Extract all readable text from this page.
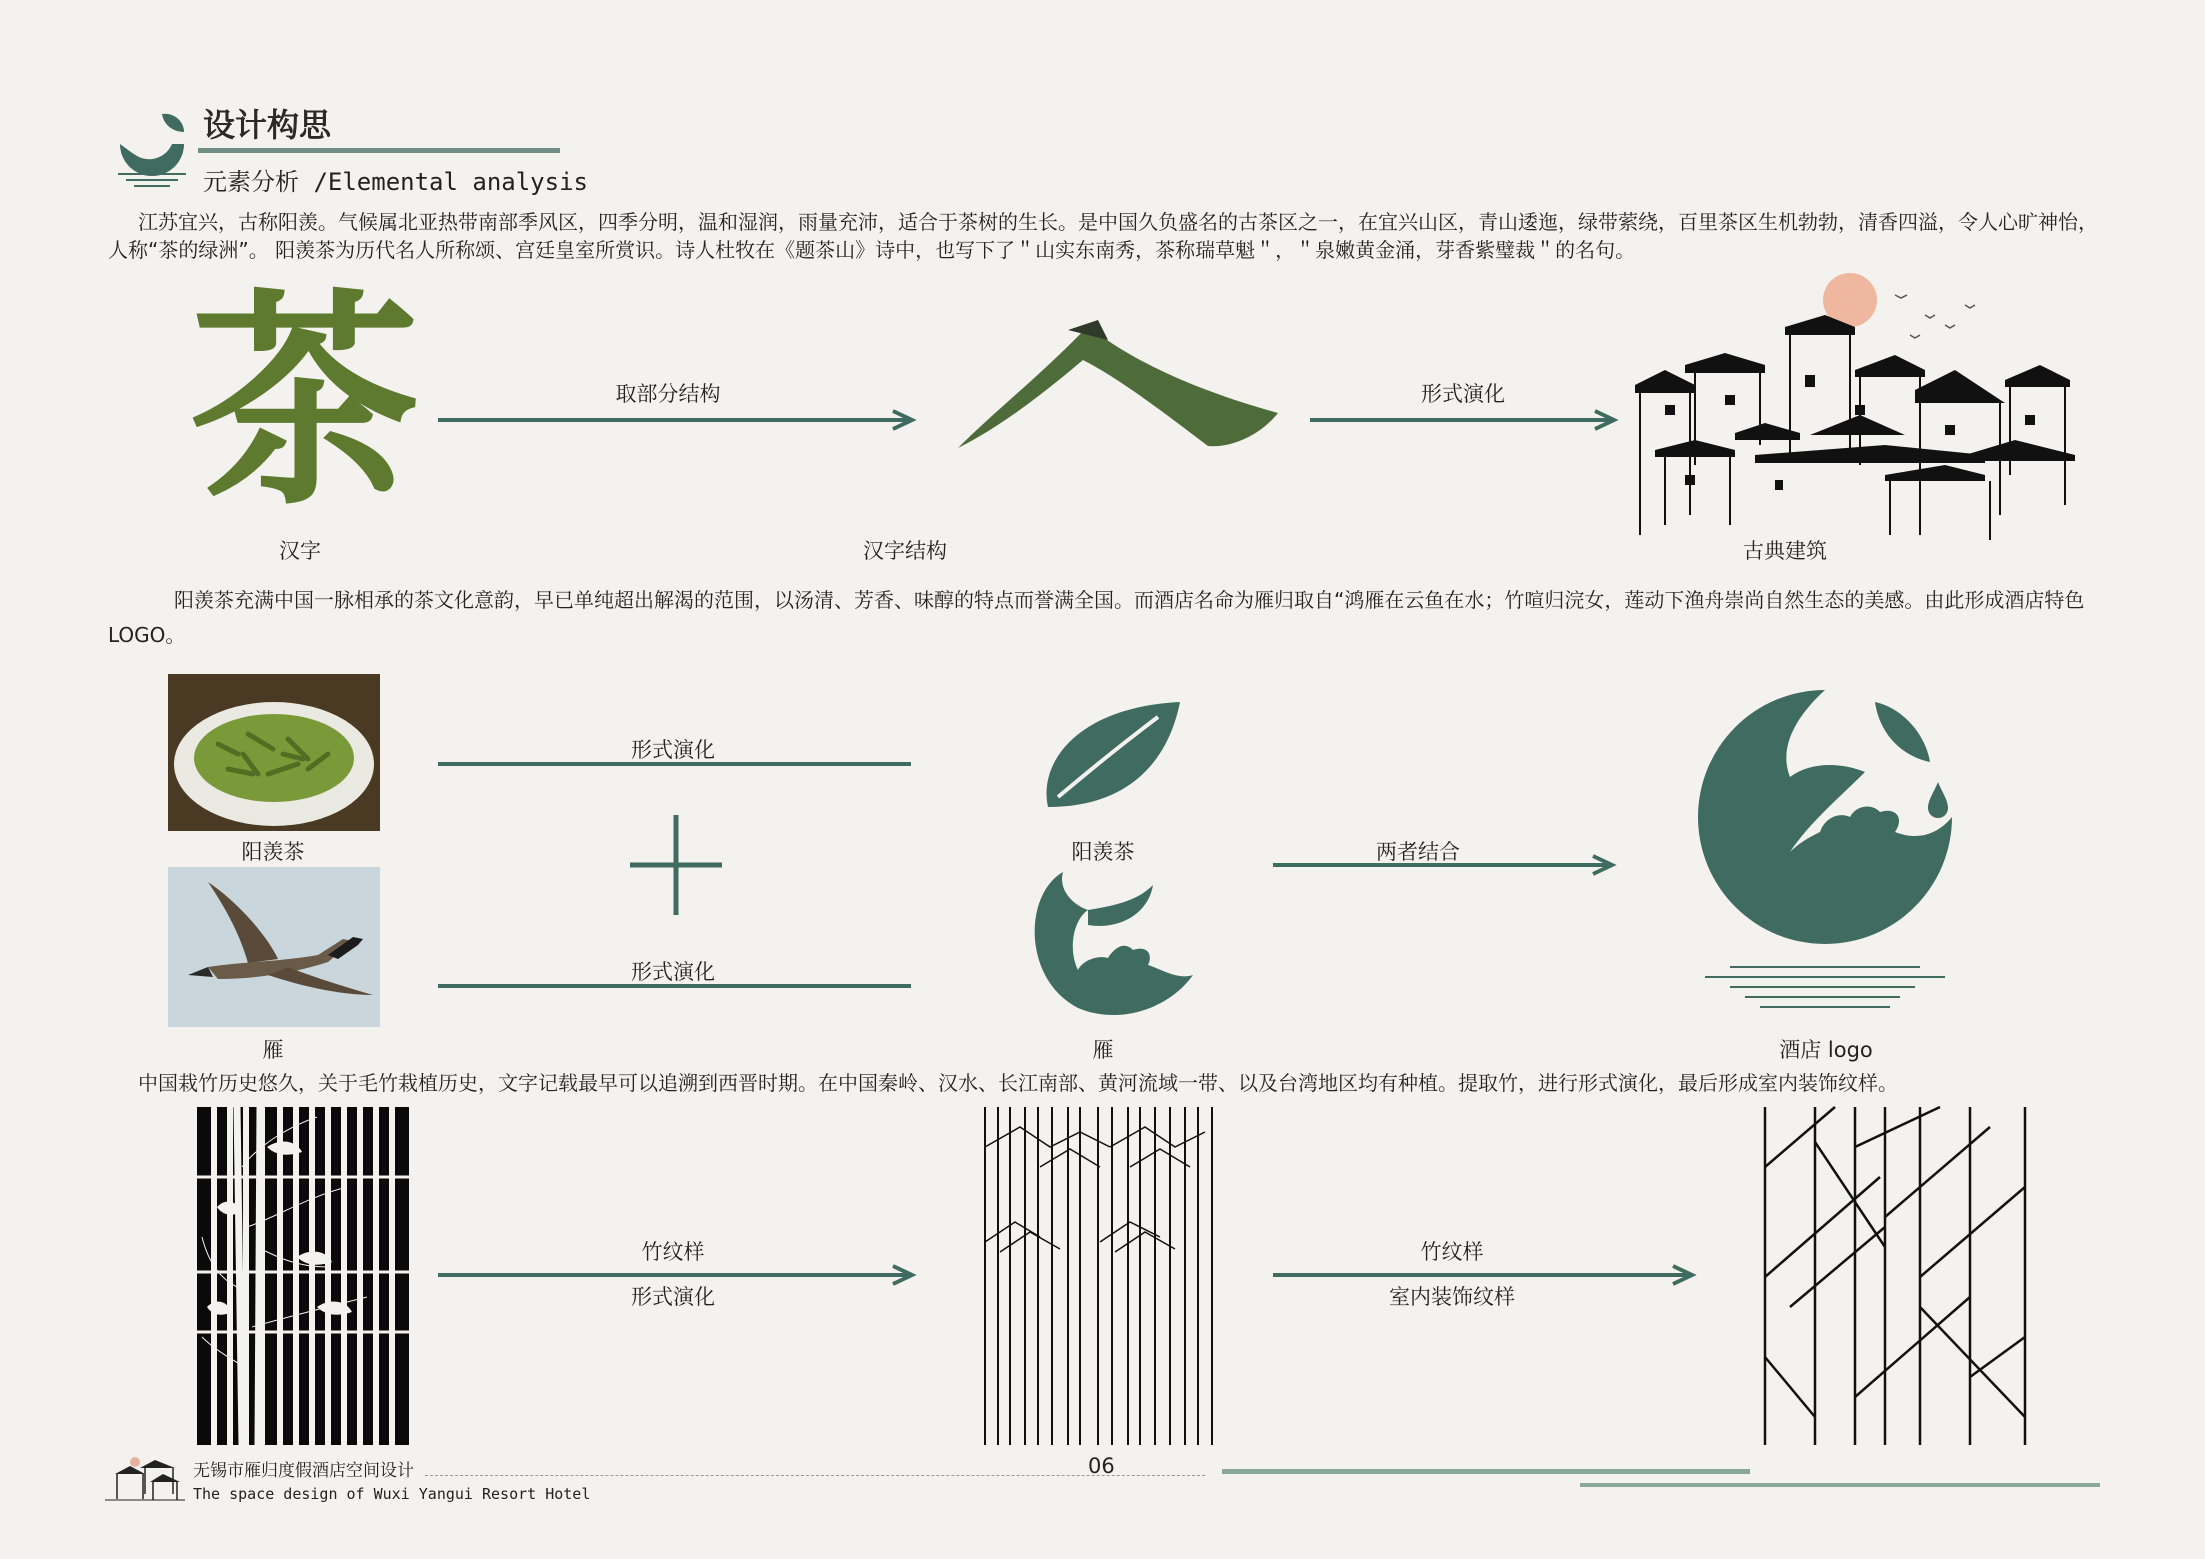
设计构思
元素分析 /Elemental analysis
江苏宜兴，古称阳羡。气候属北亚热带南部季风区，四季分明，温和湿润，雨量充沛，适合于茶树的生长。是中国久负盛名的古茶区之一，在宜兴山区，青山逶迤，绿带萦绕，百里茶区生机勃勃，清香四溢，令人心旷神怡，人称“茶的绿洲”。 阳羡茶为历代名人所称颂、宫廷皇室所赏识。诗人杜牧在《题茶山》诗中，也写下了＂山实东南秀，茶称瑞草魁＂，＂泉嫩黄金涌，芽香紫璧裁＂的名句。
茶
汉字
取部分结构
汉字结构
形式演化
古典建筑
阳羡茶充满中国一脉相承的茶文化意韵，早已单纯超出解渴的范围，以汤清、芳香、味醇的特点而誉满全国。而酒店名命为雁归取自“鸿雁在云鱼在水；竹喧归浣女，莲动下渔舟崇尚自然生态的美感。由此形成酒店特色 LOGO。
阳羡茶
雁
形式演化
形式演化
阳羡茶
雁
两者结合
酒店 logo
中国栽竹历史悠久，关于毛竹栽植历史，文字记载最早可以追溯到西晋时期。在中国秦岭、汉水、长江南部、黄河流域一带、以及台湾地区均有种植。提取竹，进行形式演化，最后形成室内装饰纹样。
竹纹样
形式演化
竹纹样
室内装饰纹样
无锡市雁归度假酒店空间设计
The space design of Wuxi Yangui Resort Hotel
06
